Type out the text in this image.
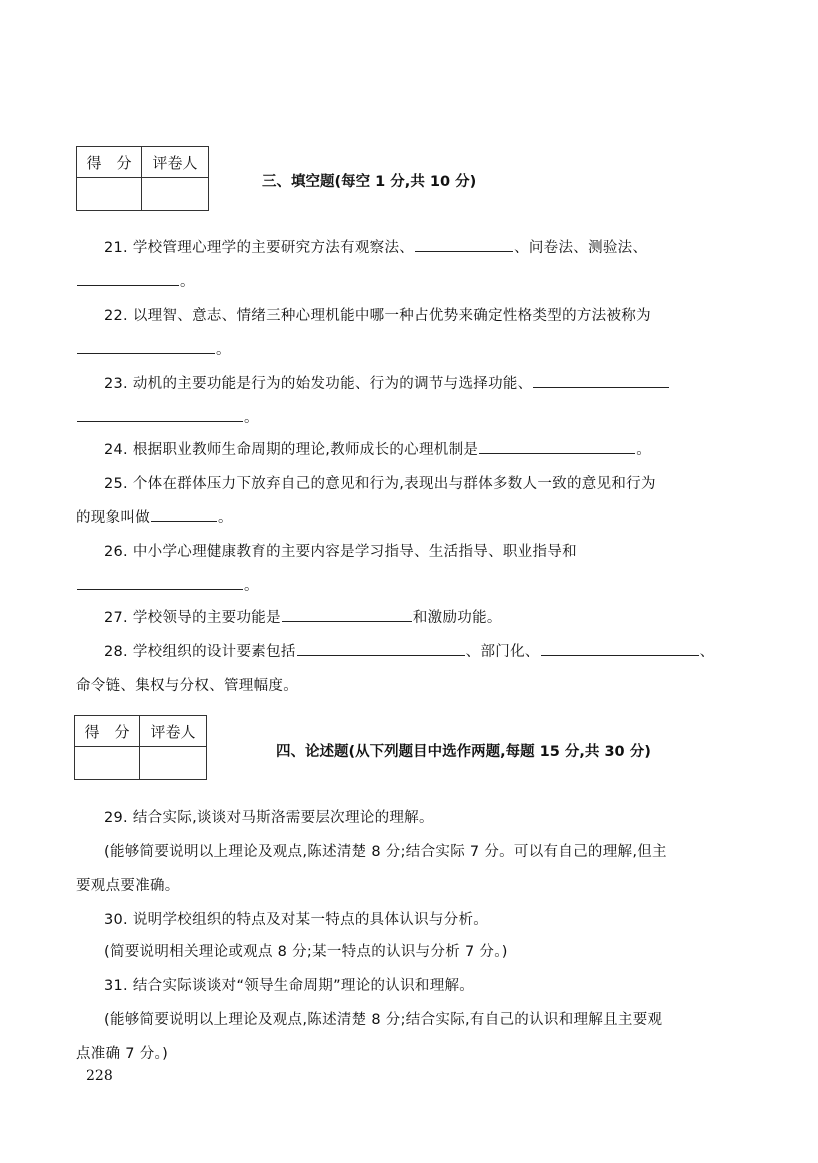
得　分	评卷人

三、填空题(每空 1 分,共 10 分)
21. 学校管理心理学的主要研究方法有观察法、	、问卷法、测验法、
。
22. 以理智、意志、情绪三种心理机能中哪一种占优势来确定性格类型的方法被称为
。
23. 动机的主要功能是行为的始发功能、行为的调节与选择功能、
。
24. 根据职业教师生命周期的理论,教师成长的心理机制是	。
25. 个体在群体压力下放弃自己的意见和行为,表现出与群体多数人一致的意见和行为
的现象叫做	。
26. 中小学心理健康教育的主要内容是学习指导、生活指导、职业指导和
。
27. 学校领导的主要功能是	和激励功能。
28. 学校组织的设计要素包括	、部门化、	、
命令链、集权与分权、管理幅度。
得　分	评卷人

四、论述题(从下列题目中选作两题,每题 15 分,共 30 分)
29. 结合实际,谈谈对马斯洛需要层次理论的理解。
(能够简要说明以上理论及观点,陈述清楚 8 分;结合实际 7 分。可以有自己的理解,但主
要观点要准确。
30. 说明学校组织的特点及对某一特点的具体认识与分析。
(简要说明相关理论或观点 8 分;某一特点的认识与分析 7 分。)
31. 结合实际谈谈对“领导生命周期”理论的认识和理解。
(能够简要说明以上理论及观点,陈述清楚 8 分;结合实际,有自己的认识和理解且主要观
点准确 7 分。)
228
